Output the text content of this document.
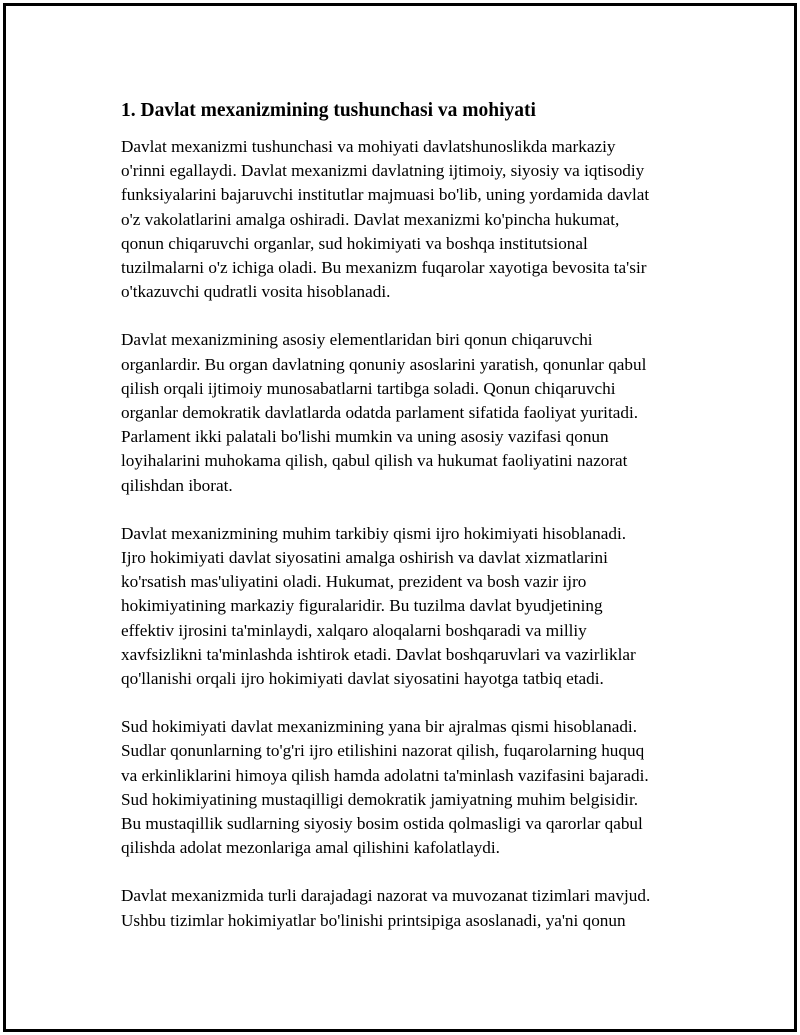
1. Davlat mexanizmining tushunchasi va mohiyati

Davlat mexanizmi tushunchasi va mohiyati davlatshunoslikda markaziy
o'rinni egallaydi. Davlat mexanizmi davlatning ijtimoiy, siyosiy va iqtisodiy
funksiyalarini bajaruvchi institutlar majmuasi bo'lib, uning yordamida davlat
o'z vakolatlarini amalga oshiradi. Davlat mexanizmi ko'pincha hukumat,
qonun chiqaruvchi organlar, sud hokimiyati va boshqa institutsional
tuzilmalarni o'z ichiga oladi. Bu mexanizm fuqarolar xayotiga bevosita ta'sir
o'tkazuvchi qudratli vosita hisoblanadi.

Davlat mexanizmining asosiy elementlaridan biri qonun chiqaruvchi
organlardir. Bu organ davlatning qonuniy asoslarini yaratish, qonunlar qabul
qilish orqali ijtimoiy munosabatlarni tartibga soladi. Qonun chiqaruvchi
organlar demokratik davlatlarda odatda parlament sifatida faoliyat yuritadi.
Parlament ikki palatali bo'lishi mumkin va uning asosiy vazifasi qonun
loyihalarini muhokama qilish, qabul qilish va hukumat faoliyatini nazorat
qilishdan iborat.

Davlat mexanizmining muhim tarkibiy qismi ijro hokimiyati hisoblanadi.
Ijro hokimiyati davlat siyosatini amalga oshirish va davlat xizmatlarini
ko'rsatish mas'uliyatini oladi. Hukumat, prezident va bosh vazir ijro
hokimiyatining markaziy figuralaridir. Bu tuzilma davlat byudjetining
effektiv ijrosini ta'minlaydi, xalqaro aloqalarni boshqaradi va milliy
xavfsizlikni ta'minlashda ishtirok etadi. Davlat boshqaruvlari va vazirliklar
qo'llanishi orqali ijro hokimiyati davlat siyosatini hayotga tatbiq etadi.

Sud hokimiyati davlat mexanizmining yana bir ajralmas qismi hisoblanadi.
Sudlar qonunlarning to'g'ri ijro etilishini nazorat qilish, fuqarolarning huquq
va erkinliklarini himoya qilish hamda adolatni ta'minlash vazifasini bajaradi.
Sud hokimiyatining mustaqilligi demokratik jamiyatning muhim belgisidir.
Bu mustaqillik sudlarning siyosiy bosim ostida qolmasligi va qarorlar qabul
qilishda adolat mezonlariga amal qilishini kafolatlaydi.

Davlat mexanizmida turli darajadagi nazorat va muvozanat tizimlari mavjud.
Ushbu tizimlar hokimiyatlar bo'linishi printsipiga asoslanadi, ya'ni qonun
